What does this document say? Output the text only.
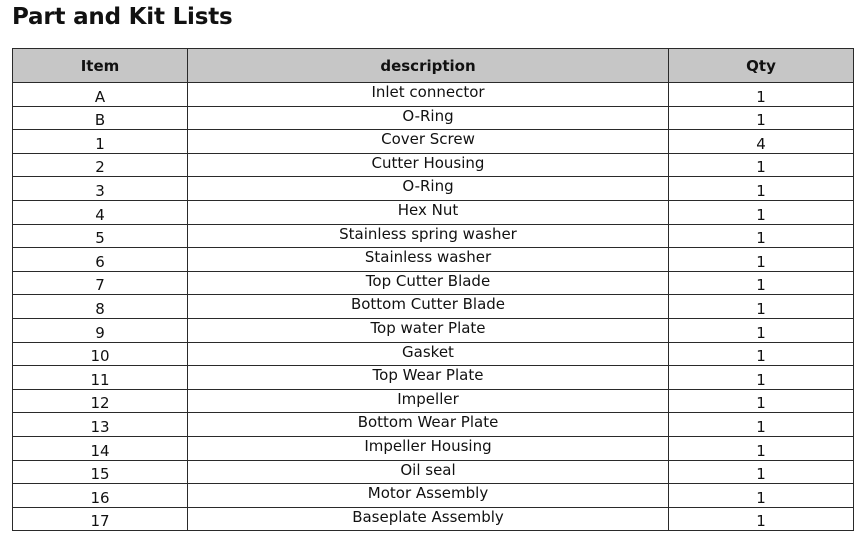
Part and Kit Lists
Item	description	Qty
A	Inlet connector	1
B	O-Ring	1
1	Cover Screw	4
2	Cutter Housing	1
3	O-Ring	1
4	Hex Nut	1
5	Stainless spring washer	1
6	Stainless washer	1
7	Top Cutter Blade	1
8	Bottom Cutter Blade	1
9	Top water Plate	1
10	Gasket	1
11	Top Wear Plate	1
12	Impeller	1
13	Bottom Wear Plate	1
14	Impeller Housing	1
15	Oil seal	1
16	Motor Assembly	1
17	Baseplate Assembly	1
